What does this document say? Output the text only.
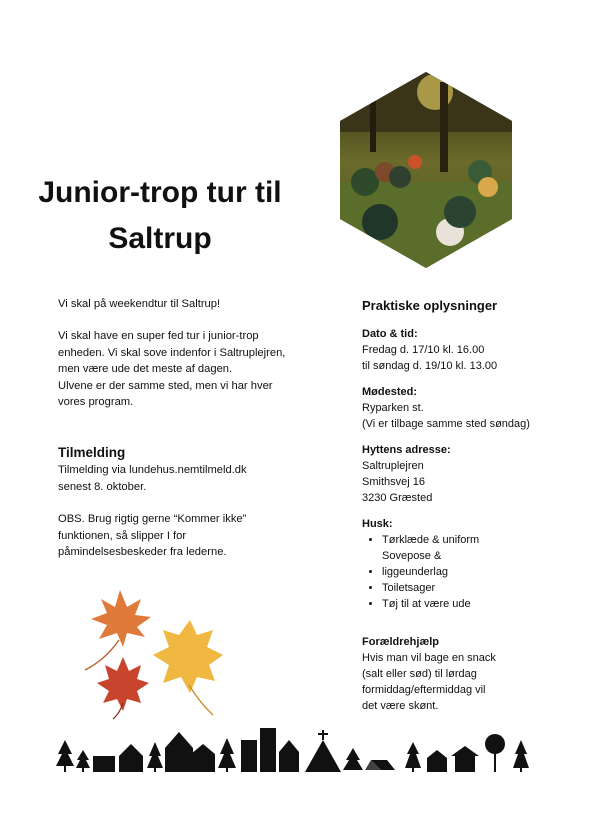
Junior-trop tur til
Saltrup

Vi skal på weekendtur til Saltrup!

Vi skal have en super fed tur i junior-trop
enheden. Vi skal sove indenfor i Saltruplejren,
men være ude det meste af dagen.
Ulvene er der samme sted, men vi har hver
vores program.

Tilmelding

Tilmelding via lundehus.nemtilmeld.dk
senest 8. oktober.

OBS. Brug rigtig gerne “Kommer ikke”
funktionen, så slipper I for
påmindelsesbeskeder fra lederne.

Praktiske oplysninger
Dato & tid:
Fredag d. 17/10 kl. 16.00
til søndag d. 19/10 kl. 13.00
Mødested:
Ryparken st.
(Vi er tilbage samme sted søndag)
Hyttens adresse:
Saltruplejren
Smithsvej 16
3230 Græsted
Husk:
• Tørklæde & uniform
• Sovepose & liggeunderlag
• Toiletsager
• Tøj til at være ude
Forældrehjælp
Hvis man vil bage en snack
(salt eller sød) til lørdag
formiddag/eftermiddag vil
det være skønt.
